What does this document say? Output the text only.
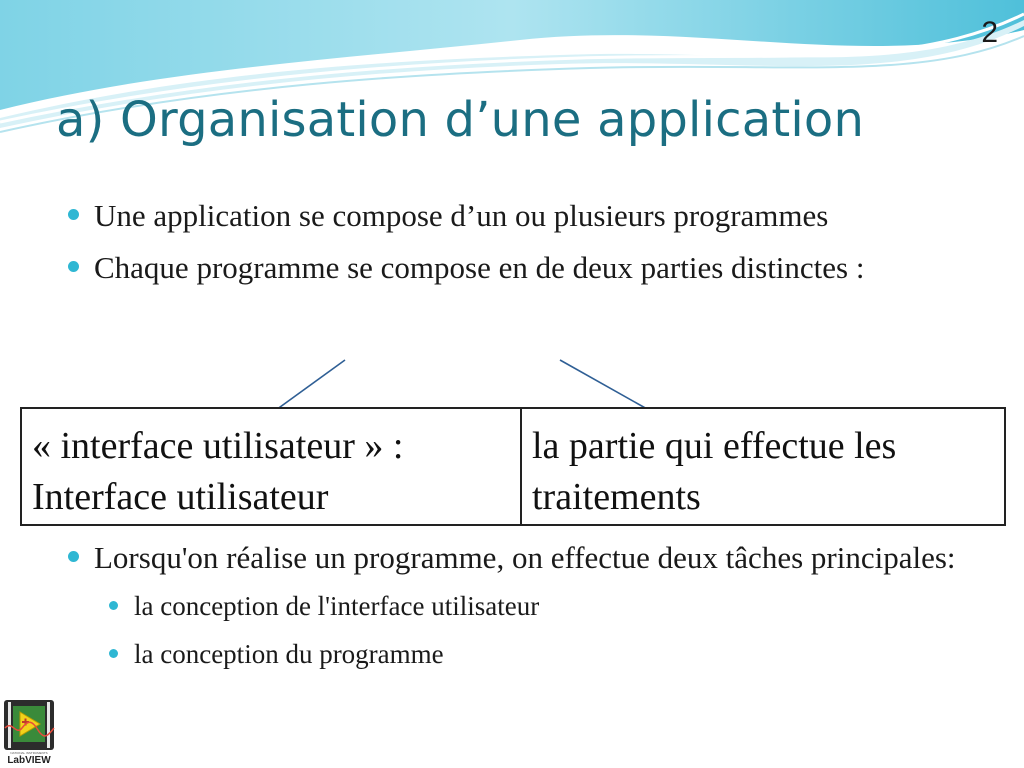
2
a) Organisation d’une application
Une application se compose d’un ou plusieurs programmes
Chaque programme se compose en de deux parties distinctes :
« interface utilisateur » : Interface utilisateur
la partie qui effectue les traitements
Lorsqu'on réalise un programme, on effectue deux tâches principales:
la conception de l'interface utilisateur
la conception du programme
NATIONAL INSTRUMENTS
LabVIEW
